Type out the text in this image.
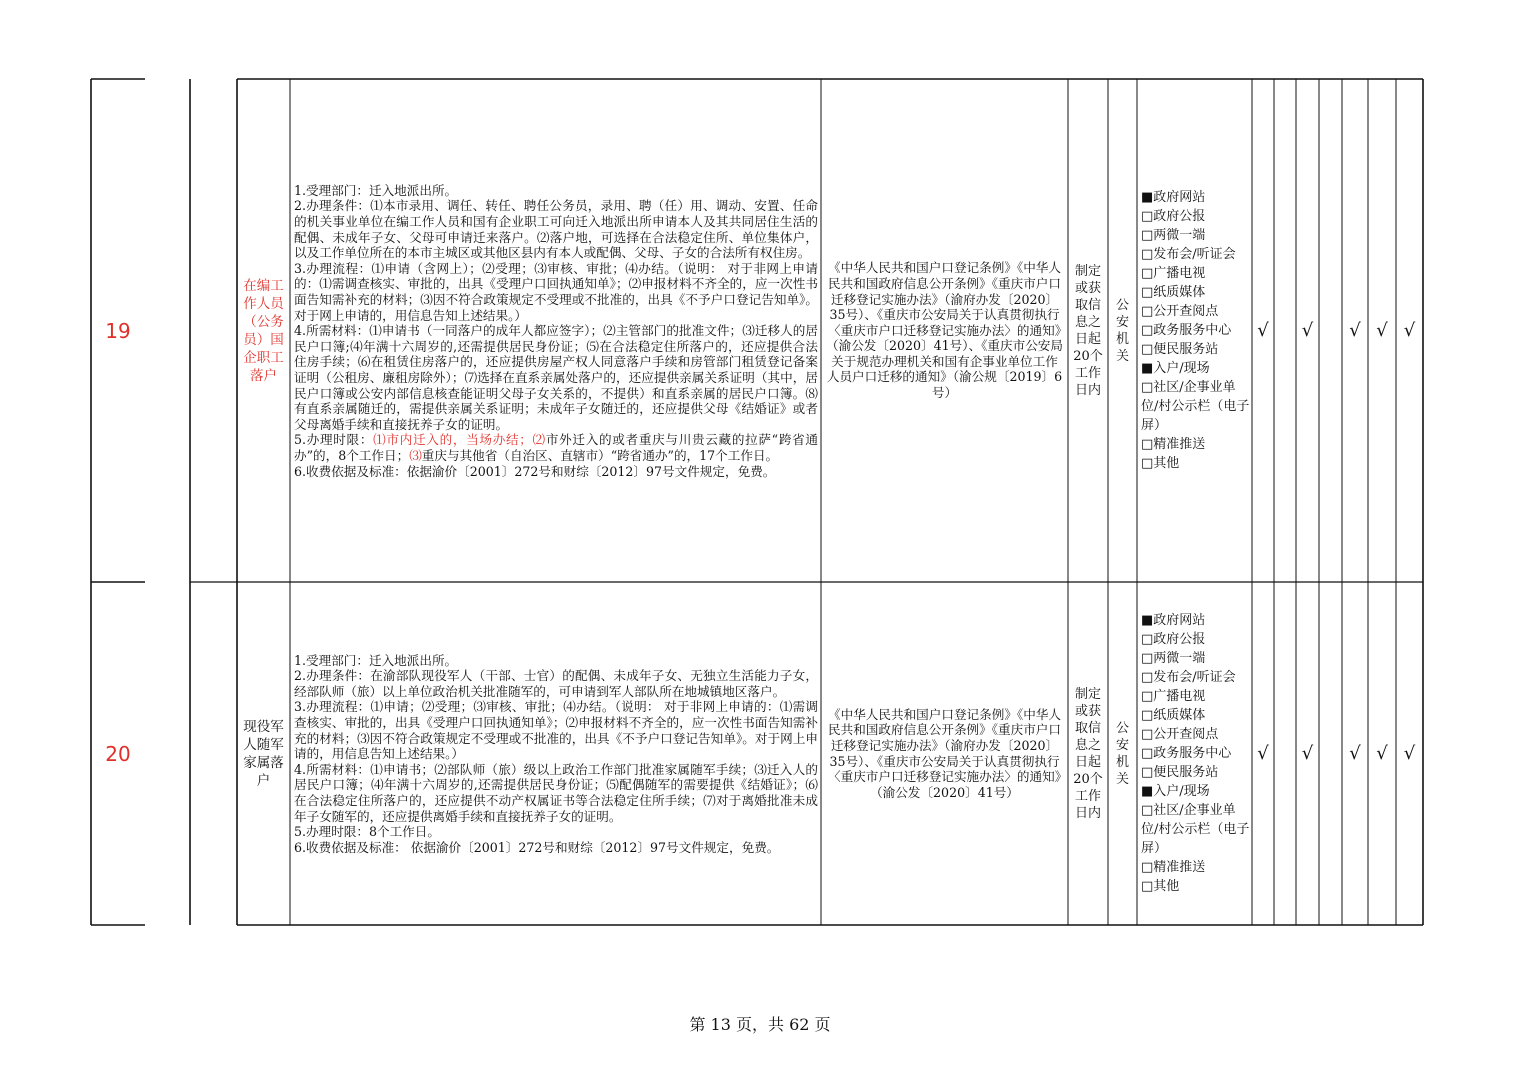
19
在编工作人员（公务员）国企职工落户

1.受理部门：迁入地派出所。

2.办理条件：⑴本市录用、调任、转任、聘任公务员，录用、聘（任）用、调动、安置、任命的机关事业单位在编工作人员和国有企业职工可向迁入地派出所申请本人及其共同居住生活的配偶、未成年子女、父母可申请迁来落户。⑵落户地，可选择在合法稳定住所、单位集体户，以及工作单位所在的本市主城区或其他区县内有本人或配偶、父母、子女的合法所有权住房。

3.办理流程：⑴申请（含网上）；⑵受理；⑶审核、审批；⑷办结。（说明： 对于非网上申请的：⑴需调查核实、审批的，出具《受理户口回执通知单》；⑵申报材料不齐全的，应一次性书面告知需补充的材料；⑶因不符合政策规定不受理或不批准的，出具《不予户口登记告知单》。对于网上申请的，用信息告知上述结果。）

4.所需材料：⑴申请书（一同落户的成年人都应签字）；⑵主管部门的批准文件；⑶迁移人的居民户口簿;⑷年满十六周岁的,还需提供居民身份证；⑸在合法稳定住所落户的，还应提供合法住房手续；⑹在租赁住房落户的，还应提供房屋产权人同意落户手续和房管部门租赁登记备案证明（公租房、廉租房除外）；⑺选择在直系亲属处落户的，还应提供亲属关系证明（其中，居民户口簿或公安内部信息核查能证明父母子女关系的，不提供）和直系亲属的居民户口簿。⑻有直系亲属随迁的，需提供亲属关系证明；未成年子女随迁的，还应提供父母《结婚证》或者父母离婚手续和直接抚养子女的证明。

5.办理时限：⑴市内迁入的，当场办结；⑵市外迁入的或者重庆与川贵云藏的拉萨“跨省通办”的，8个工作日；⑶重庆与其他省（自治区、直辖市）“跨省通办”的，17个工作日。

6.收费依据及标准：依据渝价〔2001〕272号和财综〔2012〕97号文件规定，免费。

《中华人民共和国户口登记条例》《中华人民共和国政府信息公开条例》《重庆市户口迁移登记实施办法》（渝府办发〔2020〕35号）、《重庆市公安局关于认真贯彻执行〈重庆市户口迁移登记实施办法〉的通知》（渝公发〔2020〕41号）、《重庆市公安局关于规范办理机关和国有企事业单位工作人员户口迁移的通知》（渝公规〔2019〕6号）
制定或获取信息之日起20个工作日内
公安机关
■政府网站
□政府公报
□两微一端
□发布会/听证会
□广播电视
□纸质媒体
□公开查阅点
□政务服务中心
□便民服务站
■入户/现场
□社区/企事业单位/村公示栏（电子屏）
□精准推送
□其他
√ √ √ √ √
20
现役军人随军家属落户

1.受理部门：迁入地派出所。

2.办理条件：在渝部队现役军人（干部、士官）的配偶、未成年子女、无独立生活能力子女，经部队师（旅）以上单位政治机关批准随军的，可申请到军人部队所在地城镇地区落户。

3.办理流程：⑴申请；⑵受理；⑶审核、审批；⑷办结。（说明： 对于非网上申请的：⑴需调查核实、审批的，出具《受理户口回执通知单》；⑵申报材料不齐全的，应一次性书面告知需补充的材料；⑶因不符合政策规定不受理或不批准的，出具《不予户口登记告知单》。对于网上申请的，用信息告知上述结果。）

4.所需材料：⑴申请书；⑵部队师（旅）级以上政治工作部门批准家属随军手续；⑶迁入人的居民户口簿；⑷年满十六周岁的,还需提供居民身份证；⑸配偶随军的需要提供《结婚证》；⑹在合法稳定住所落户的，还应提供不动产权属证书等合法稳定住所手续；⑺对于离婚批准未成年子女随军的，还应提供离婚手续和直接抚养子女的证明。

5.办理时限：8个工作日。

6.收费依据及标准： 依据渝价〔2001〕272号和财综〔2012〕97号文件规定，免费。

《中华人民共和国户口登记条例》《中华人民共和国政府信息公开条例》《重庆市户口迁移登记实施办法》（渝府办发〔2020〕35号）、《重庆市公安局关于认真贯彻执行〈重庆市户口迁移登记实施办法〉的通知》（渝公发〔2020〕41号）
制定或获取信息之日起20个工作日内
公安机关
■政府网站
□政府公报
□两微一端
□发布会/听证会
□广播电视
□纸质媒体
□公开查阅点
□政务服务中心
□便民服务站
■入户/现场
□社区/企事业单位/村公示栏（电子屏）
□精准推送
□其他
√ √ √ √ √
第 13 页，共 62 页
